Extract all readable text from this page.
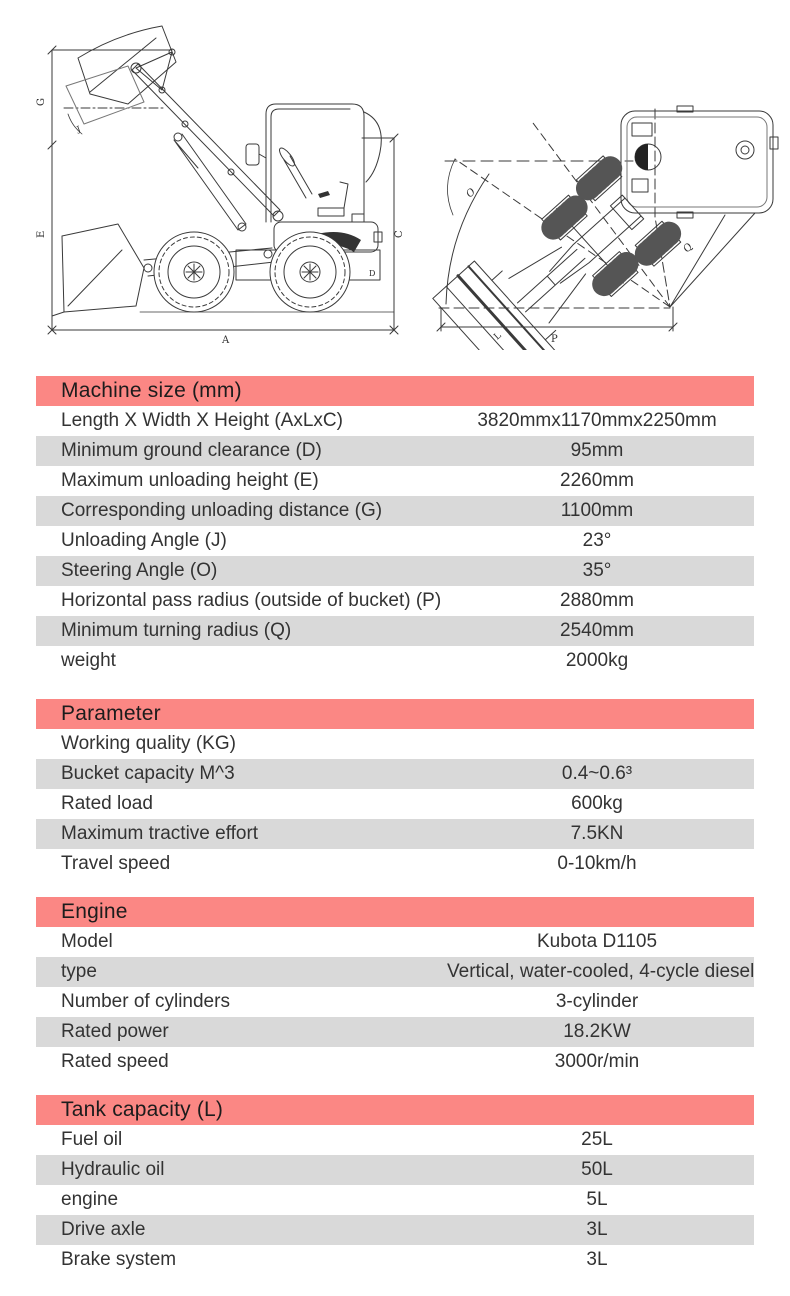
G
E	C
A
D
J
L
O
Q
P
Machine size (mm)
Length X Width X Height (AxLxC)	3820mmx1170mmx2250mm
Minimum ground clearance (D)	95mm
Maximum unloading height (E)	2260mm
Corresponding unloading distance (G)	1100mm
Unloading Angle (J)	23°
Steering Angle (O)	35°
Horizontal pass radius (outside of bucket) (P)	2880mm
Minimum turning radius (Q)	2540mm
weight	2000kg
Parameter
Working quality (KG)
Bucket capacity M^3	0.4~0.6³
Rated load	600kg
Maximum tractive effort	7.5KN
Travel speed	0-10km/h
Engine
Model	Kubota D1105
type	Vertical, water-cooled, 4-cycle diesel
Number of cylinders	3-cylinder
Rated power	18.2KW
Rated speed	3000r/min
Tank capacity (L)
Fuel oil	25L
Hydraulic oil	50L
engine	5L
Drive axle	3L
Brake system	3L
